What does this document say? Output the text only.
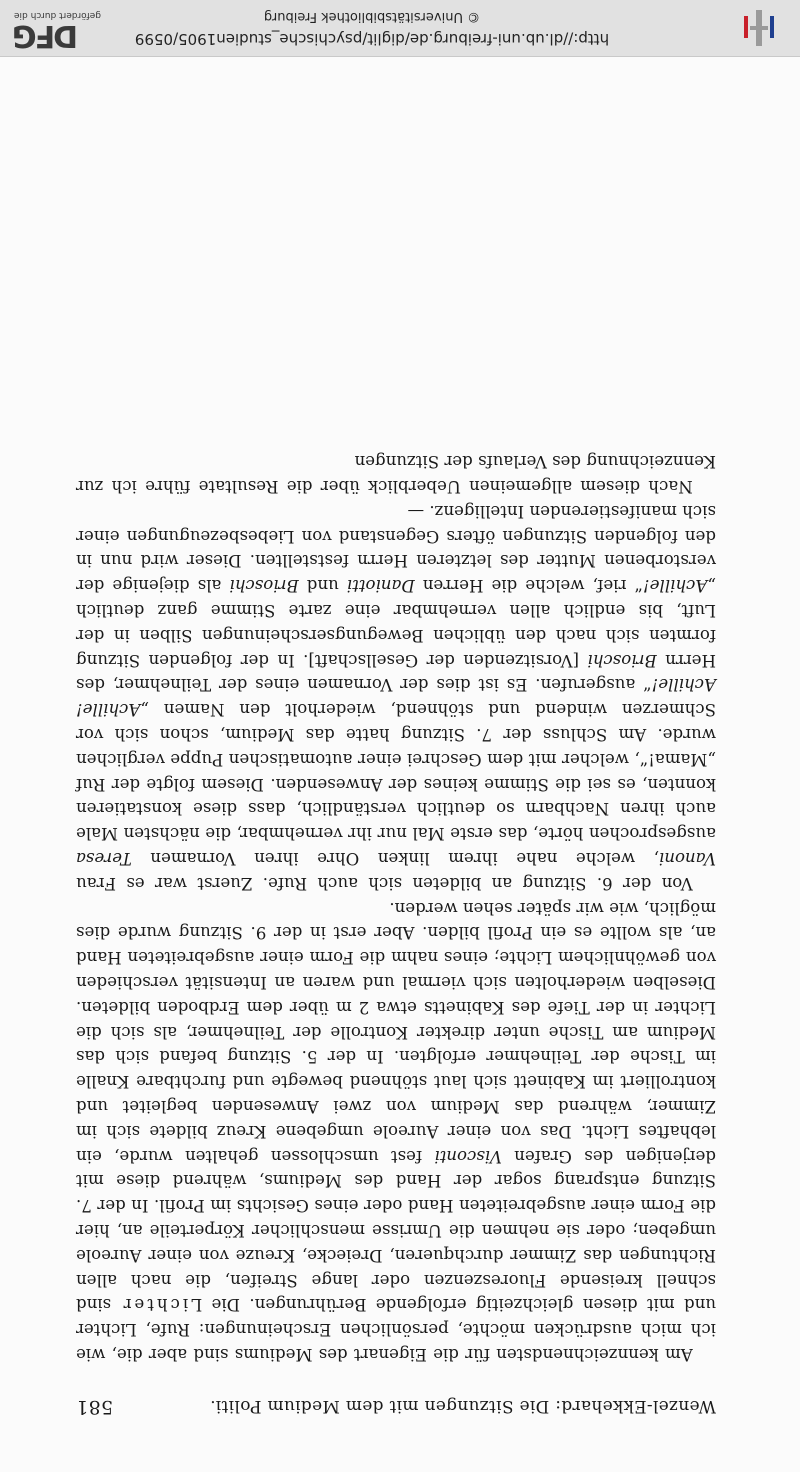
Wenzel-Ekkehard: Die Sitzungen mit dem Medium Politi.
581

Am kennzeichnendsten für die Eigenart des Mediums sind aber die, wie ich mich ausdrücken möchte, persönlichen Erscheinungen: Rufe, Lichter und mit diesen gleichzeitig erfolgende Berührungen. Die Lichter sind schnell kreisende Fluoreszenzen oder lange Streifen, die nach allen Richtungen das Zimmer durchqueren, Dreiecke, Kreuze von einer Aureole umgeben; oder sie nehmen die Umrisse menschlicher Körperteile an, hier die Form einer ausgebreiteten Hand oder eines Gesichts im Profil. In der 7. Sitzung entsprang sogar der Hand des Mediums, während diese mit derjenigen des Grafen Visconti fest umschlossen gehalten wurde, ein lebhaftes Licht. Das von einer Aureole umgebene Kreuz bildete sich im Zimmer, während das Medium von zwei Anwesenden begleitet und kontrolliert im Kabinett sich laut stöhnend bewegte und furchtbare Knalle im Tische der Teilnehmer erfolgten. In der 5. Sitzung befand sich das Medium am Tische unter direkter Kontrolle der Teilnehmer, als sich die Lichter in der Tiefe des Kabinetts etwa 2 m über dem Erdboden bildeten. Dieselben wiederholten sich viermal und waren an Intensität verschieden von gewöhnlichem Lichte; eines nahm die Form einer ausgebreiteten Hand an, als wollte es ein Profil bilden. Aber erst in der 9. Sitzung wurde dies möglich, wie wir später sehen werden.

Von der 6. Sitzung an bildeten sich auch Rufe. Zuerst war es Frau Vanoni, welche nahe ihrem linken Ohre ihren Vornamen Teresa ausgesprochen hörte, das erste Mal nur ihr vernehmbar, die nächsten Male auch ihren Nachbarn so deutlich verständlich, dass diese konstatieren konnten, es sei die Stimme keines der Anwesenden. Diesem folgte der Ruf „Mama!“, welcher mit dem Geschrei einer automatischen Puppe verglichen wurde. Am Schluss der 7. Sitzung hatte das Medium, schon sich vor Schmerzen windend und stöhnend, wiederholt den Namen „Achille! Achille!“ ausgerufen. Es ist dies der Vornamen eines der Teilnehmer, des Herrn Brioschi [Vorsitzenden der Gesellschaft]. In der folgenden Sitzung formten sich nach den üblichen Bewegungserscheinungen Silben in der Luft, bis endlich allen vernehmbar eine zarte Stimme ganz deutlich „Achille!“ rief, welche die Herren Daniotti und Brioschi als diejenige der verstorbenen Mutter des letzteren Herrn feststellten. Dieser wird nun in den folgenden Sitzungen öfters Gegenstand von Liebesbezeugungen einer sich manifestierenden Intelligenz. —

Nach diesem allgemeinen Ueberblick über die Resultate führe ich zur Kennzeichnung des Verlaufs der Sitzungen

http://dl.ub.uni-freiburg.de/diglit/psychische_studien1905/0599
© Universitätsbibliothek Freiburg
DFG
gefördert durch die
